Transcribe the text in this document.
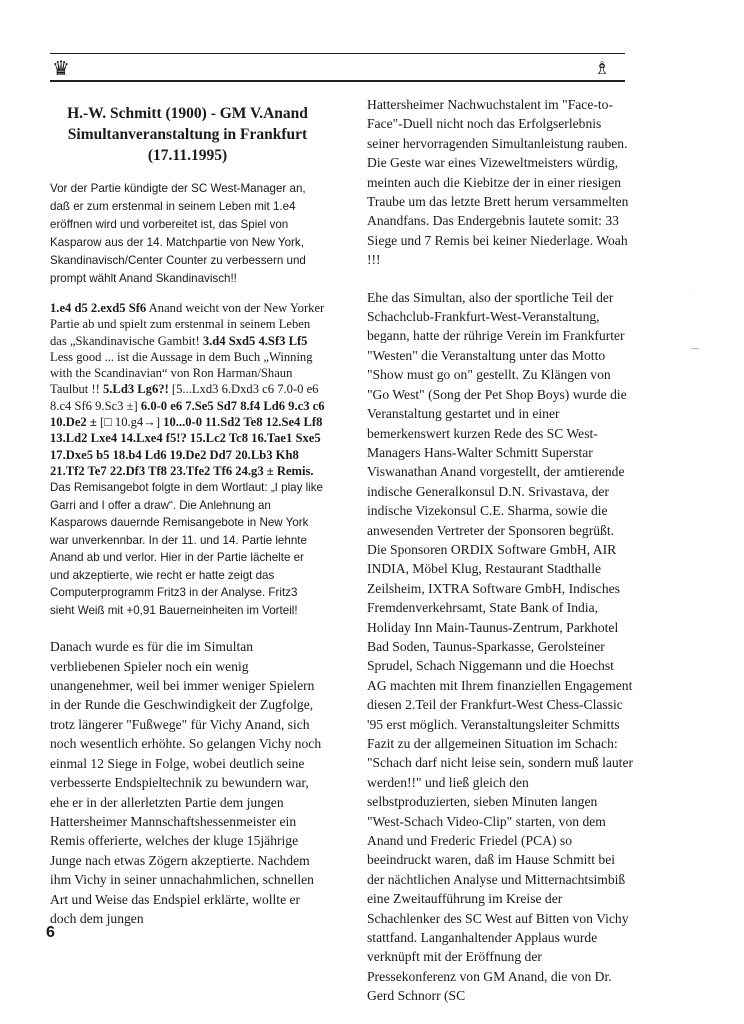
♛	♗
H.-W. Schmitt (1900) - GM V.Anand
Simultanveranstaltung in Frankfurt
(17.11.1995)

Vor der Partie kündigte der SC West-Manager an, daß er zum erstenmal in seinem Leben mit 1.e4 eröffnen wird und vorbereitet ist, das Spiel von Kasparow aus der 14. Matchpartie von New York, Skandinavisch/Center Counter zu verbessern und prompt wählt Anand Skandinavisch!!

1.e4 d5 2.exd5 Sf6 Anand weicht von der New Yorker Partie ab und spielt zum erstenmal in seinem Leben das „Skandinavische Gambit! 3.d4 Sxd5 4.Sf3 Lf5 Less good ... ist die Aussage in dem Buch „Winning with the Scandinavian“ von Ron Harman/Shaun Taulbut !! 5.Ld3 Lg6?! [5...Lxd3 6.Dxd3 c6 7.0-0 e6 8.c4 Sf6 9.Sc3 ±] 6.0-0 e6 7.Se5 Sd7 8.f4 Ld6 9.c3 c6 10.De2 ± [□ 10.g4→] 10...0-0 11.Sd2 Te8 12.Se4 Lf8 13.Ld2 Lxe4 14.Lxe4 f5!? 15.Lc2 Tc8 16.Tae1 Sxe5 17.Dxe5 b5 18.b4 Ld6 19.De2 Dd7 20.Lb3 Kh8 21.Tf2 Te7 22.Df3 Tf8 23.Tfe2 Tf6 24.g3 ± Remis.

Das Remisangebot folgte in dem Wortlaut: „I play like Garri and I offer a draw“. Die Anlehnung an Kasparows dauernde Remisangebote in New York war unverkennbar. In der 11. und 14. Partie lehnte Anand ab und verlor. Hier in der Partie lächelte er und akzeptierte, wie recht er hatte zeigt das Computerprogramm Fritz3 in der Analyse. Fritz3 sieht Weiß mit +0,91 Bauerneinheiten im Vorteil!

Danach wurde es für die im Simultan verbliebenen Spieler noch ein wenig unangenehmer, weil bei immer weniger Spielern in der Runde die Geschwindigkeit der Zugfolge, trotz längerer "Fußwege" für Vichy Anand, sich noch wesentlich erhöhte. So gelangen Vichy noch einmal 12 Siege in Folge, wobei deutlich seine verbesserte Endspieltechnik zu bewundern war, ehe er in der allerletzten Partie dem jungen Hattersheimer Mannschaftshessenmeister ein Remis offerierte, welches der kluge 15jährige Junge nach etwas Zögern akzeptierte. Nachdem ihm Vichy in seiner unnachahmlichen, schnellen Art und Weise das Endspiel erklärte, wollte er doch dem jungen

Hattersheimer Nachwuchstalent im "Face-to-Face"-Duell nicht noch das Erfolgserlebnis seiner hervorragenden Simultanleistung rauben. Die Geste war eines Vizeweltmeisters würdig, meinten auch die Kiebitze der in einer riesigen Traube um das letzte Brett herum versammelten Anandfans. Das Endergebnis lautete somit: 33 Siege und 7 Remis bei keiner Niederlage. Woah !!!

Ehe das Simultan, also der sportliche Teil der Schachclub-Frankfurt-West-Veranstaltung, begann, hatte der rührige Verein im Frankfurter "Westen" die Veranstaltung unter das Motto "Show must go on" gestellt. Zu Klängen von "Go West" (Song der Pet Shop Boys) wurde die Veranstaltung gestartet und in einer bemerkenswert kurzen Rede des SC West-Managers Hans-Walter Schmitt Superstar Viswanathan Anand vorgestellt, der amtierende indische Generalkonsul D.N. Srivastava, der indische Vizekonsul C.E. Sharma, sowie die anwesenden Vertreter der Sponsoren begrüßt. Die Sponsoren ORDIX Software GmbH, AIR INDIA, Möbel Klug, Restaurant Stadthalle Zeilsheim, IXTRA Software GmbH, Indisches Fremdenverkehrsamt, State Bank of India, Holiday Inn Main-Taunus-Zentrum, Parkhotel Bad Soden, Taunus-Sparkasse, Gerolsteiner Sprudel, Schach Niggemann und die Hoechst AG machten mit Ihrem finanziellen Engagement diesen 2.Teil der Frankfurt-West Chess-Classic '95 erst möglich. Veranstaltungsleiter Schmitts Fazit zu der allgemeinen Situation im Schach: "Schach darf nicht leise sein, sondern muß lauter werden!!" und ließ gleich den selbstproduzierten, sieben Minuten langen "West-Schach Video-Clip" starten, von dem Anand und Frederic Friedel (PCA) so beeindruckt waren, daß im Hause Schmitt bei der nächtlichen Analyse und Mitternachtsimbiß eine Zweitaufführung im Kreise der Schachlenker des SC West auf Bitten von Vichy stattfand. Langanhaltender Applaus wurde verknüpft mit der Eröffnung der Pressekonferenz von GM Anand, die von Dr. Gerd Schnorr (SC

6
⌒
·
